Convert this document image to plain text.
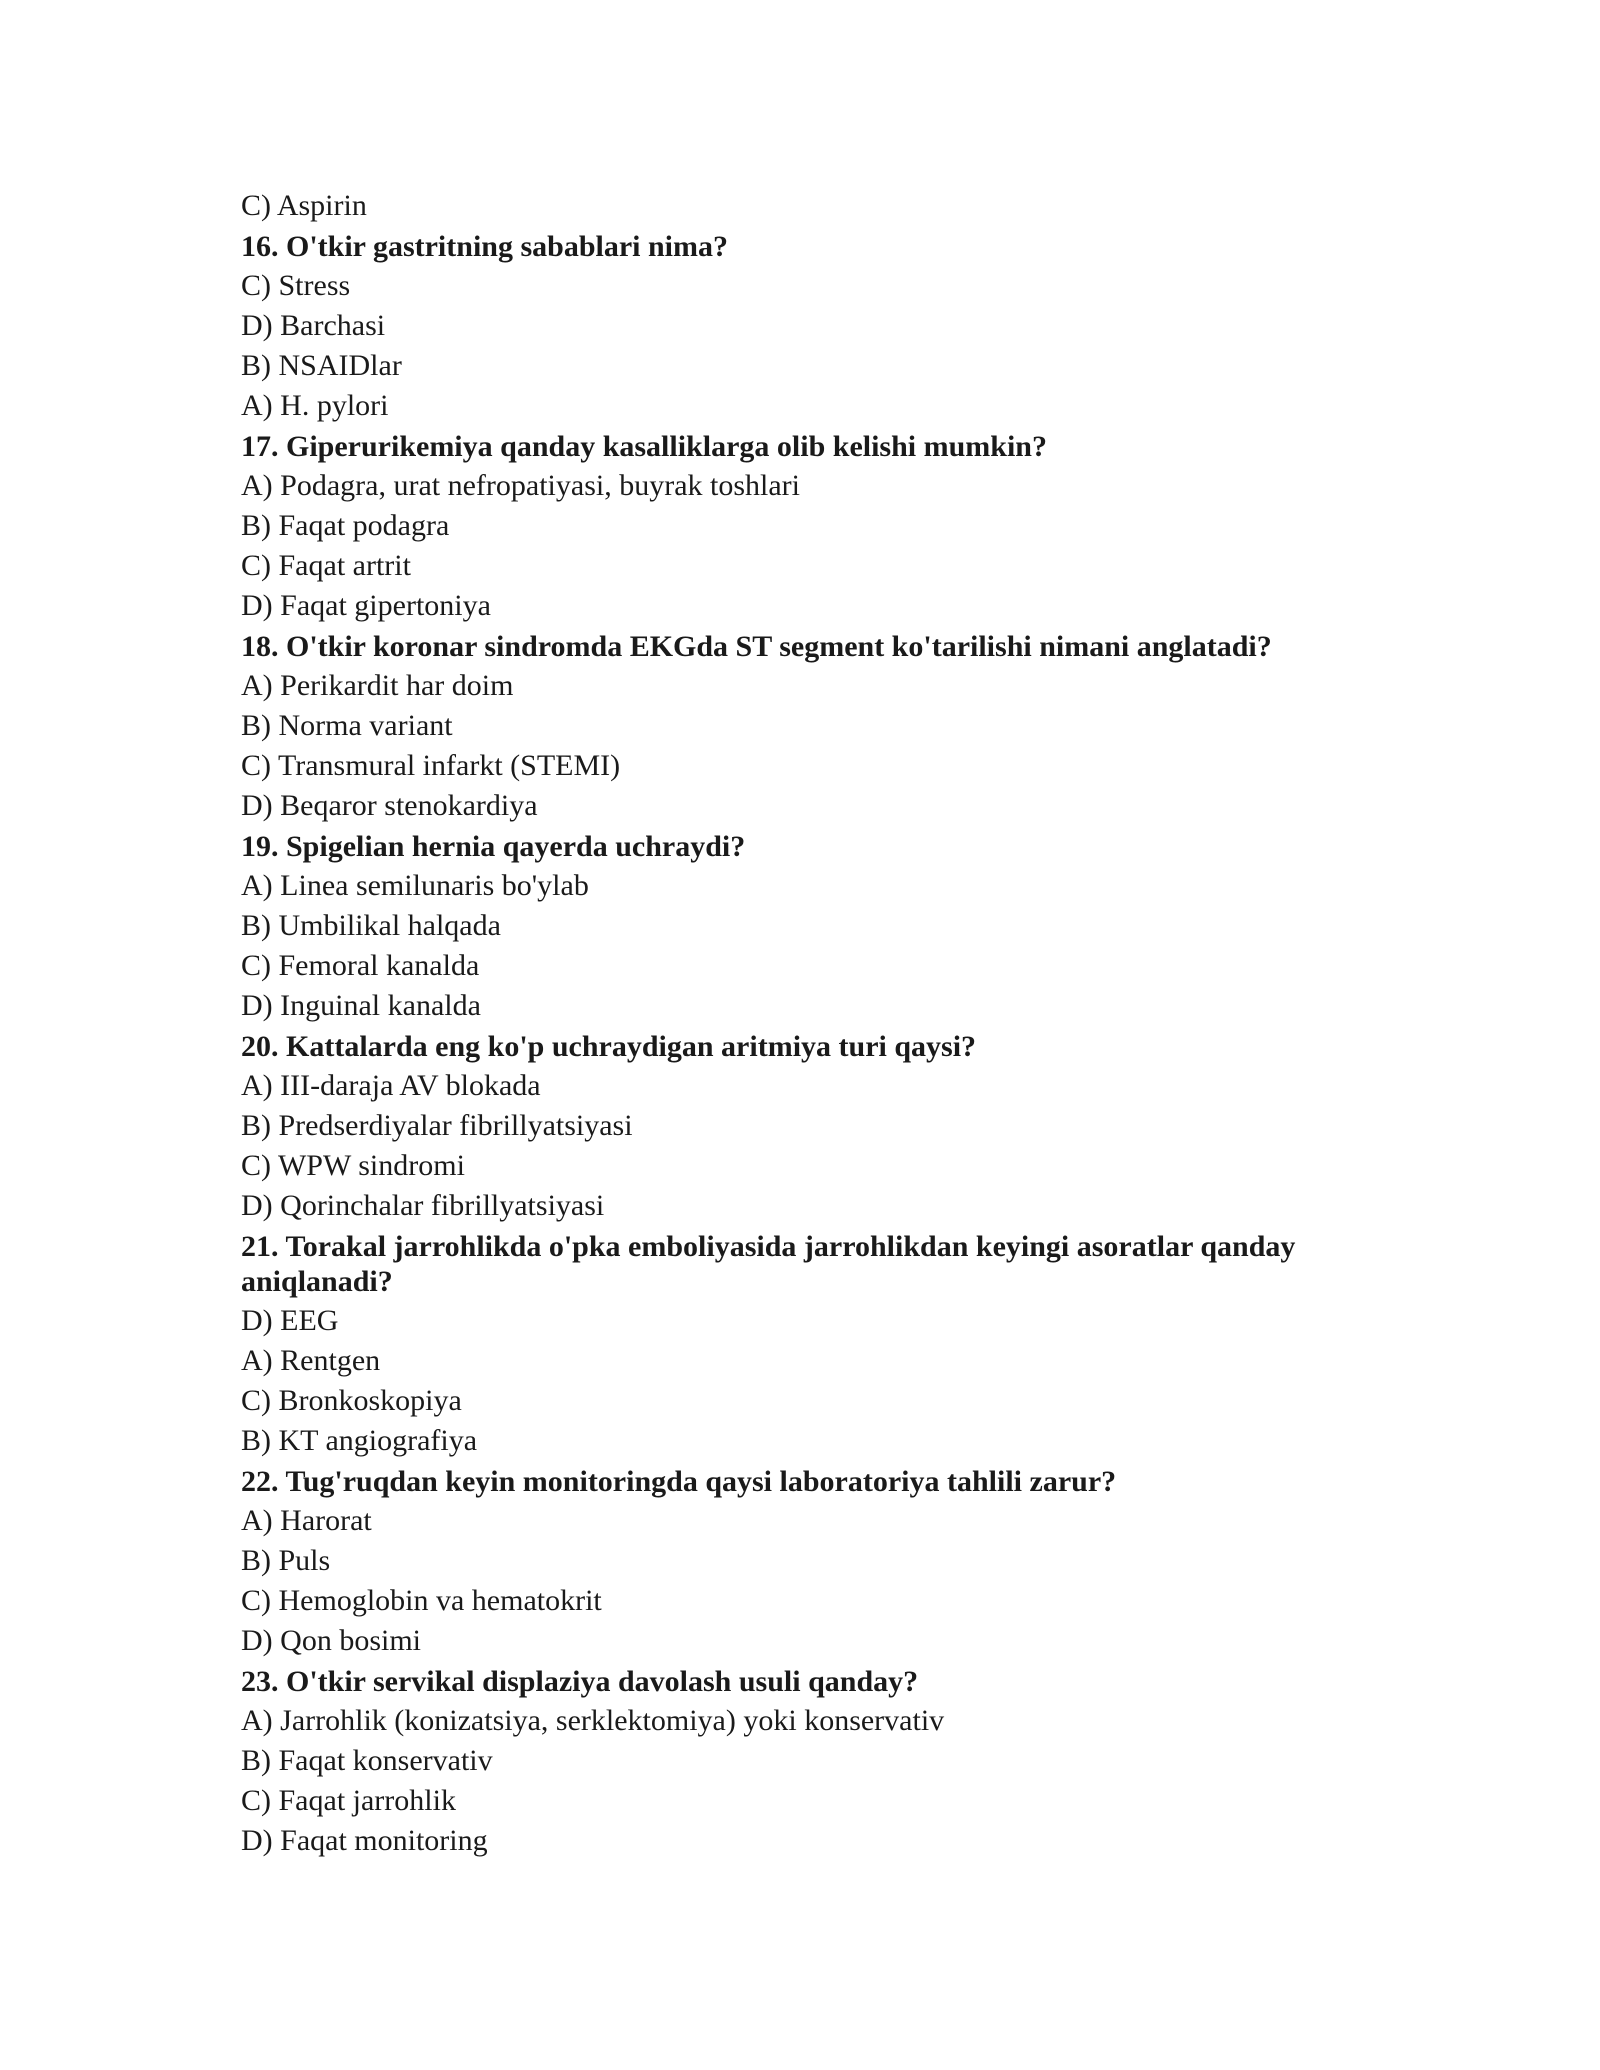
C) Aspirin
16. O'tkir gastritning sabablari nima?
C) Stress
D) Barchasi
B) NSAIDlar
A) H. pylori
17. Giperurikemiya qanday kasalliklarga olib kelishi mumkin?
A) Podagra, urat nefropatiyasi, buyrak toshlari
B) Faqat podagra
C) Faqat artrit
D) Faqat gipertoniya
18. O'tkir koronar sindromda EKGda ST segment ko'tarilishi nimani anglatadi?
A) Perikardit har doim
B) Norma variant
C) Transmural infarkt (STEMI)
D) Beqaror stenokardiya
19. Spigelian hernia qayerda uchraydi?
A) Linea semilunaris bo'ylab
B) Umbilikal halqada
C) Femoral kanalda
D) Inguinal kanalda
20. Kattalarda eng ko'p uchraydigan aritmiya turi qaysi?
A) III-daraja AV blokada
B) Predserdiyalar fibrillyatsiyasi
C) WPW sindromi
D) Qorinchalar fibrillyatsiyasi
21. Torakal jarrohlikda o'pka emboliyasida jarrohlikdan keyingi asoratlar qanday aniqlanadi?
D) EEG
A) Rentgen
C) Bronkoskopiya
B) KT angiografiya
22. Tug'ruqdan keyin monitoringda qaysi laboratoriya tahlili zarur?
A) Harorat
B) Puls
C) Hemoglobin va hematokrit
D) Qon bosimi
23. O'tkir servikal displaziya davolash usuli qanday?
A) Jarrohlik (konizatsiya, serklektomiya) yoki konservativ
B) Faqat konservativ
C) Faqat jarrohlik
D) Faqat monitoring
